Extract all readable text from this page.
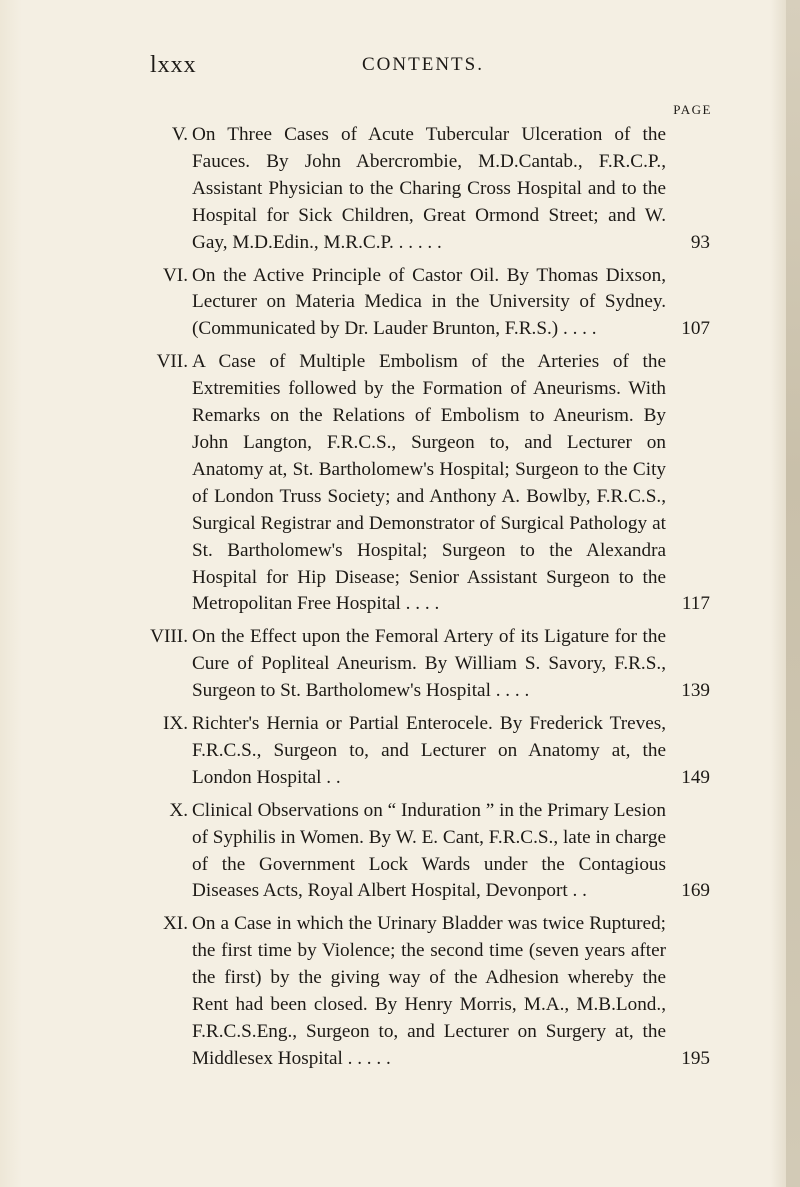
lxxx	CONTENTS.
PAGE
V. On Three Cases of Acute Tubercular Ulceration of the Fauces. By John Abercrombie, M.D.Cantab., F.R.C.P., Assistant Physician to the Charing Cross Hospital and to the Hospital for Sick Children, Great Ormond Street; and W. Gay, M.D.Edin., M.R.C.P. . . . . .	93
VI. On the Active Principle of Castor Oil. By Thomas Dixson, Lecturer on Materia Medica in the University of Sydney. (Communicated by Dr. Lauder Brunton, F.R.S.) . . . .	107
VII. A Case of Multiple Embolism of the Arteries of the Extremities followed by the Formation of Aneurisms. With Remarks on the Relations of Embolism to Aneurism. By John Langton, F.R.C.S., Surgeon to, and Lecturer on Anatomy at, St. Bartholomew's Hospital; Surgeon to the City of London Truss Society; and Anthony A. Bowlby, F.R.C.S., Surgical Registrar and Demonstrator of Surgical Pathology at St. Bartholomew's Hospital; Surgeon to the Alexandra Hospital for Hip Disease; Senior Assistant Surgeon to the Metropolitan Free Hospital . . . .	117
VIII. On the Effect upon the Femoral Artery of its Ligature for the Cure of Popliteal Aneurism. By William S. Savory, F.R.S., Surgeon to St. Bartholomew's Hospital . . . .	139
IX. Richter's Hernia or Partial Enterocele. By Frederick Treves, F.R.C.S., Surgeon to, and Lecturer on Anatomy at, the London Hospital . .	149
X. Clinical Observations on “ Induration ” in the Primary Lesion of Syphilis in Women. By W. E. Cant, F.R.C.S., late in charge of the Government Lock Wards under the Contagious Diseases Acts, Royal Albert Hospital, Devonport . .	169
XI. On a Case in which the Urinary Bladder was twice Ruptured; the first time by Violence; the second time (seven years after the first) by the giving way of the Adhesion whereby the Rent had been closed. By Henry Morris, M.A., M.B.Lond., F.R.C.S.Eng., Surgeon to, and Lecturer on Surgery at, the Middlesex Hospital . . . . .	195
